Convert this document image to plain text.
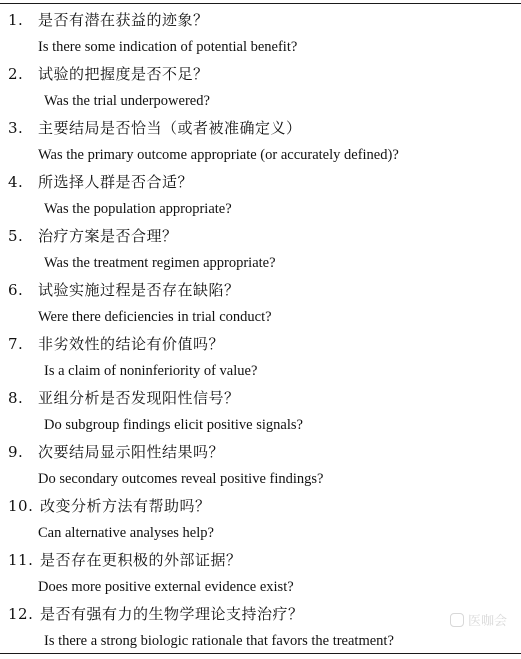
1. 是否有潜在获益的迹象？
Is there some indication of potential benefit?
2. 试验的把握度是否不足？
Was the trial underpowered?
3. 主要结局是否恰当（或者被准确定义）
Was the primary outcome appropriate (or accurately defined)?
4. 所选择人群是否合适？
Was the population appropriate?
5. 治疗方案是否合理？
Was the treatment regimen appropriate?
6. 试验实施过程是否存在缺陷？
Were there deficiencies in trial conduct?
7. 非劣效性的结论有价值吗？
Is a claim of noninferiority of value?
8. 亚组分析是否发现阳性信号？
Do subgroup findings elicit positive signals?
9. 次要结局显示阳性结果吗？
Do secondary outcomes reveal positive findings?
10. 改变分析方法有帮助吗？
Can alternative analyses help?
11. 是否存在更积极的外部证据？
Does more positive external evidence exist?
12. 是否有强有力的生物学理论支持治疗？
Is there a strong biologic rationale that favors the treatment?
医咖会
